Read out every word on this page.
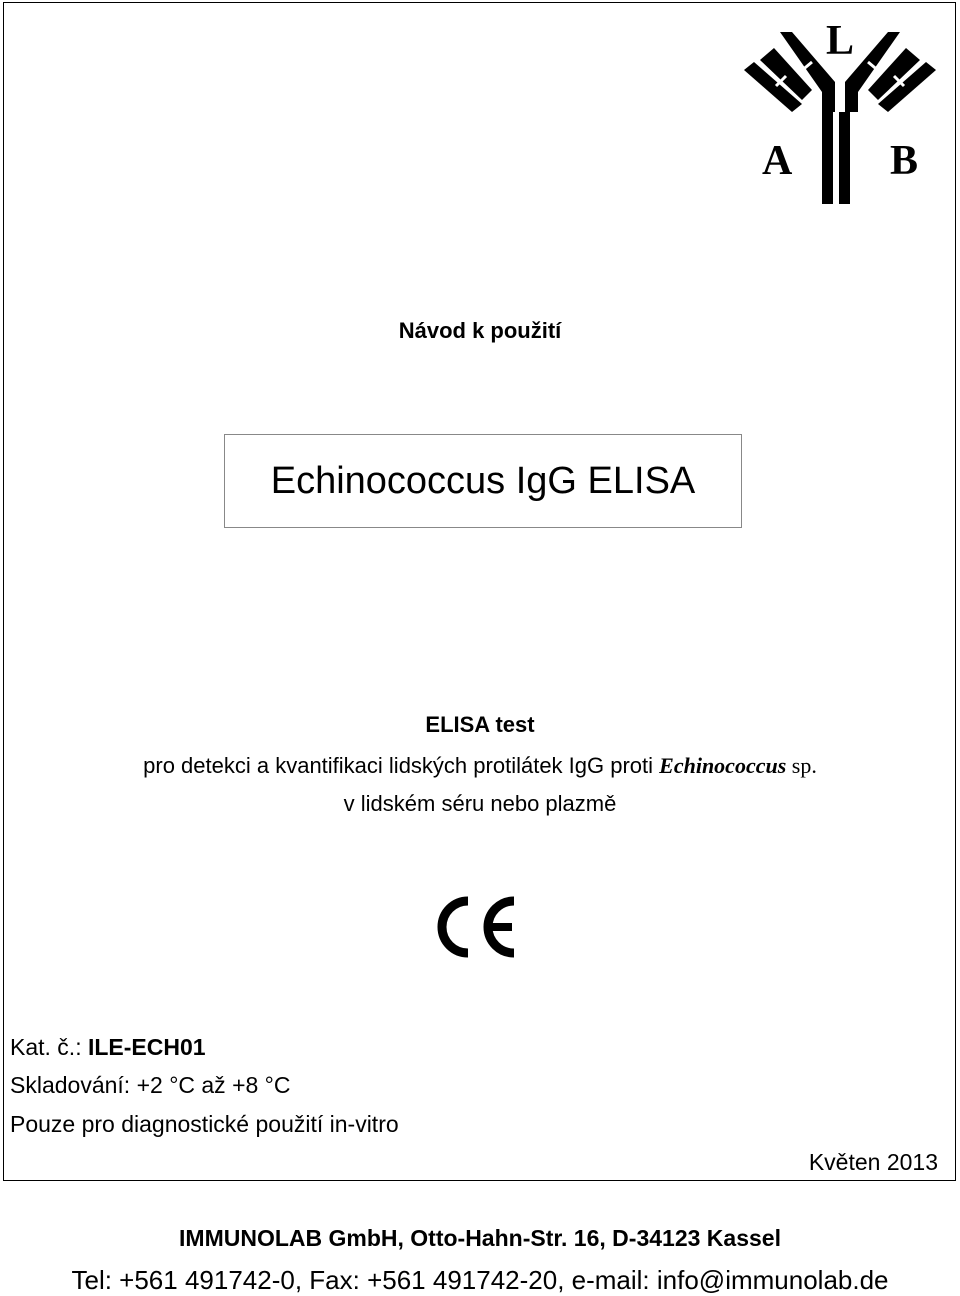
L
A B
Návod k použití
Echinococcus IgG ELISA
ELISA test
pro detekci a kvantifikaci lidských protilátek IgG proti Echinococcus sp.
v lidském séru nebo plazmě
Kat. č.: ILE-ECH01
Skladování: +2 °C až +8 °C
Pouze pro diagnostické použití in-vitro
Květen 2013
IMMUNOLAB GmbH, Otto-Hahn-Str. 16, D-34123 Kassel
Tel: +561 491742-0, Fax: +561 491742-20, e-mail: info@immunolab.de
